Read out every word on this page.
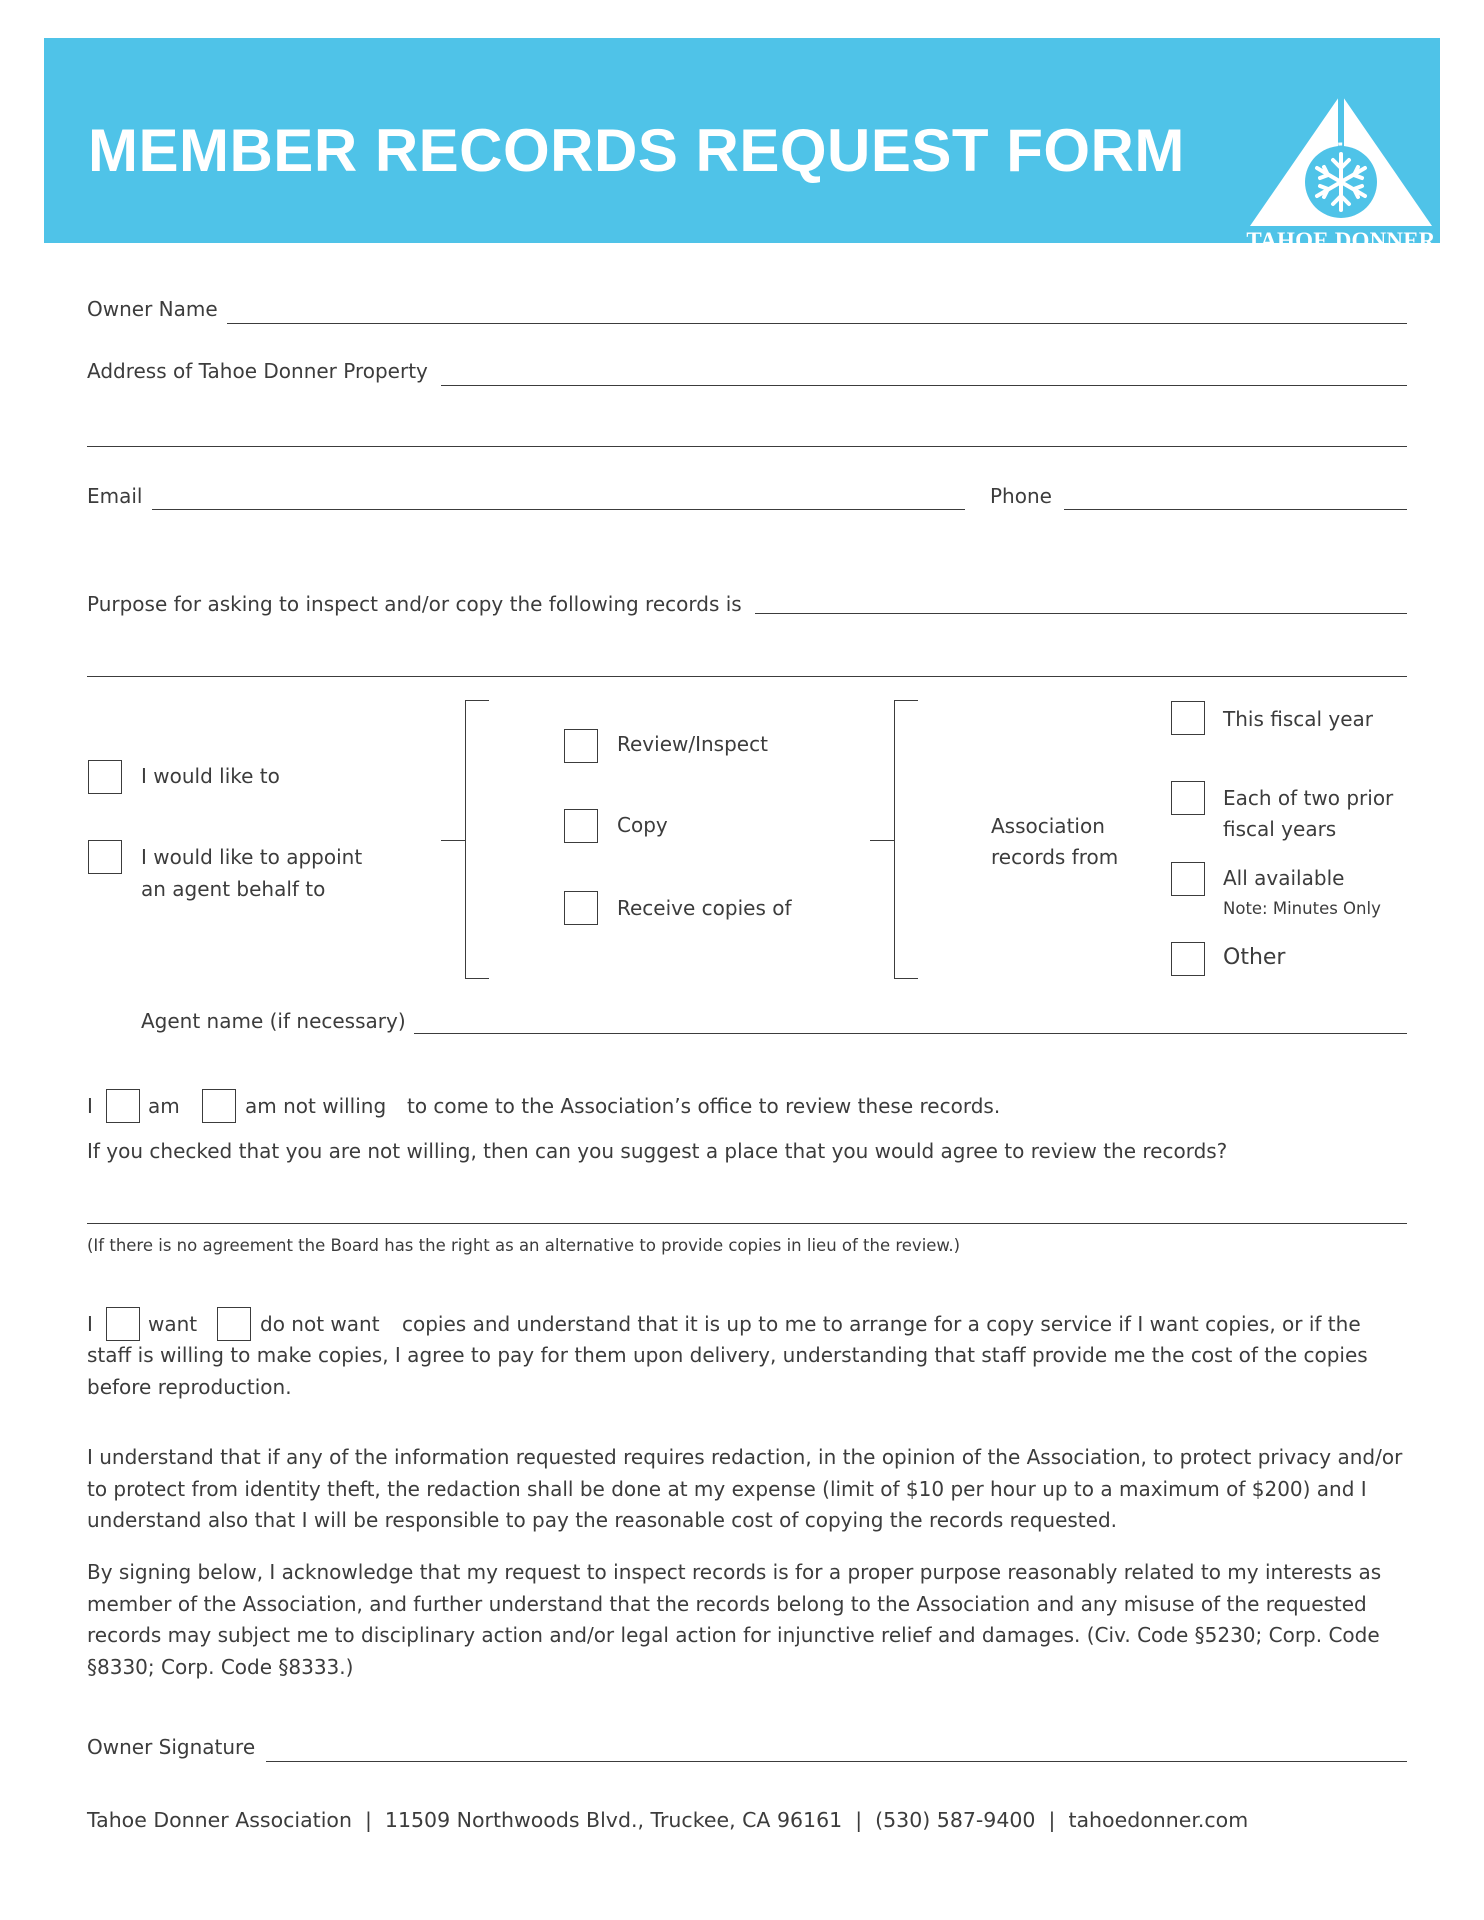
MEMBER RECORDS REQUEST FORM
TAHOE DONNER
Owner Name
Address of Tahoe Donner Property
Email	Phone
Purpose for asking to inspect and/or copy the following records is
I would like to
I would like to appoint
an agent behalf to
Review/Inspect
Copy
Receive copies of
Association
records from
This fiscal year
Each of two prior
fiscal years
All available
Note: Minutes Only
Other
Agent name (if necessary)
I	am	am not willing to come to the Association’s office to review these records.
If you checked that you are not willing, then can you suggest a place that you would agree to review the records?
(If there is no agreement the Board has the right as an alternative to provide copies in lieu of the review.)
I	want	do not want copies and understand that it is up to me to arrange for a copy service if I want copies, or if the
staff is willing to make copies, I agree to pay for them upon delivery, understanding that staff provide me the cost of the copies
before reproduction.
I understand that if any of the information requested requires redaction, in the opinion of the Association, to protect privacy and/or to protect from identity theft, the redaction shall be done at my expense (limit of $10 per hour up to a maximum of $200) and I understand also that I will be responsible to pay the reasonable cost of copying the records requested.
By signing below, I acknowledge that my request to inspect records is for a proper purpose reasonably related to my interests as member of the Association, and further understand that the records belong to the Association and any misuse of the requested records may subject me to disciplinary action and/or legal action for injunctive relief and damages. (Civ. Code §5230; Corp. Code §8330; Corp. Code §8333.)
Owner Signature
Tahoe Donner Association  |  11509 Northwoods Blvd., Truckee, CA 96161  |  (530) 587-9400  |  tahoedonner.com
